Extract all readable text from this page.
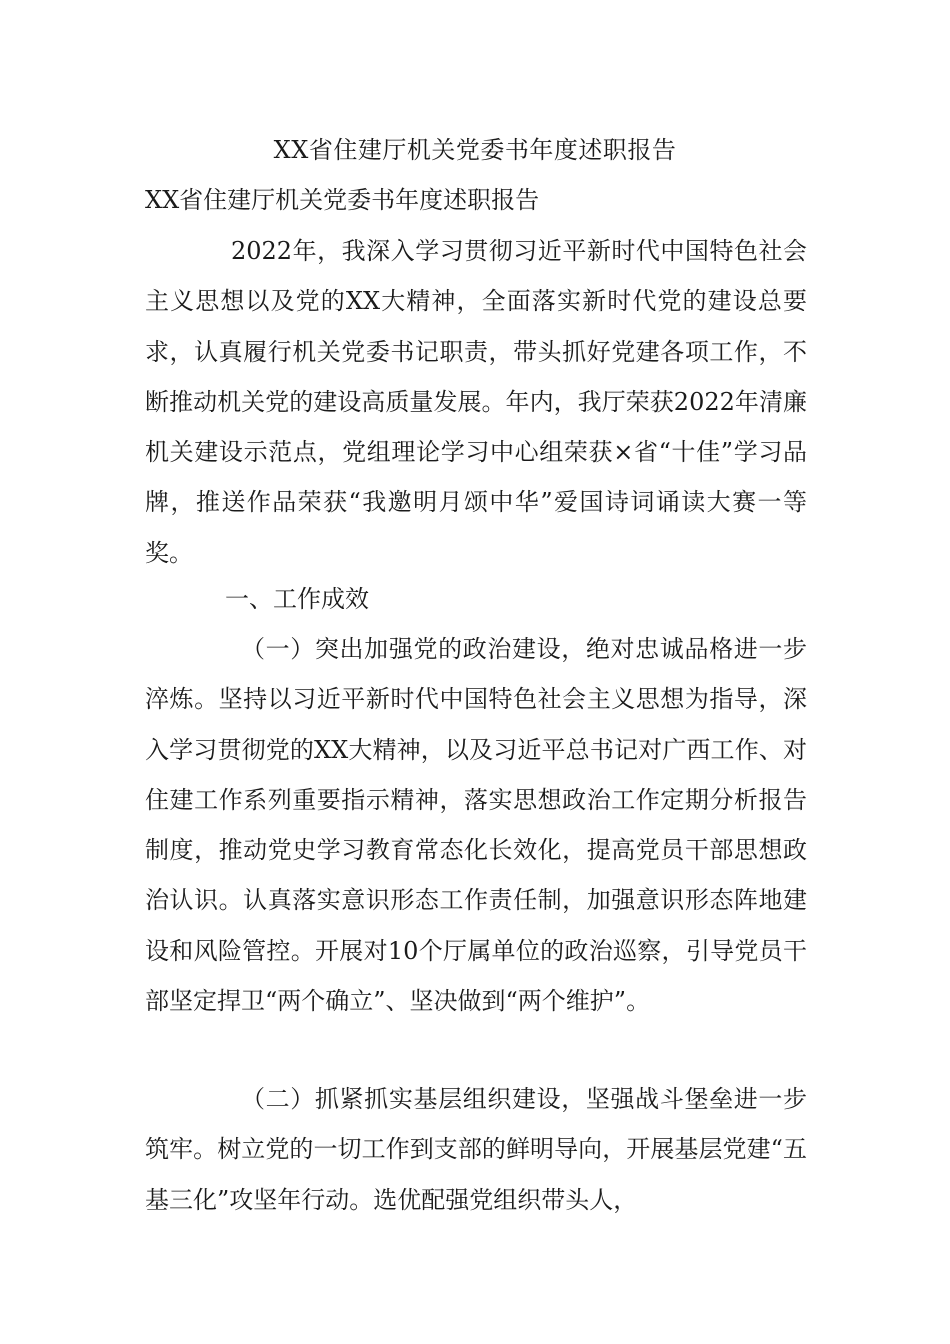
XX省住建厅机关党委书年度述职报告
XX省住建厅机关党委书年度述职报告

2022年，我深入学习贯彻习近平新时代中国特色社会主义思想以及党的XX大精神，全面落实新时代党的建设总要求，认真履行机关党委书记职责，带头抓好党建各项工作，不断推动机关党的建设高质量发展。年内，我厅荣获2022年清廉机关建设示范点，党组理论学习中心组荣获×省“十佳”学习品牌，推送作品荣获“我邀明月颂中华”爱国诗词诵读大赛一等奖。

一、工作成效

（一）突出加强党的政治建设，绝对忠诚品格进一步淬炼。坚持以习近平新时代中国特色社会主义思想为指导，深入学习贯彻党的XX大精神，以及习近平总书记对广西工作、对住建工作系列重要指示精神，落实思想政治工作定期分析报告制度，推动党史学习教育常态化长效化，提高党员干部思想政治认识。认真落实意识形态工作责任制，加强意识形态阵地建设和风险管控。开展对10个厅属单位的政治巡察，引导党员干部坚定捍卫“两个确立”、坚决做到“两个维护”。

（二）抓紧抓实基层组织建设，坚强战斗堡垒进一步筑牢。树立党的一切工作到支部的鲜明导向，开展基层党建“五基三化”攻坚年行动。选优配强党组织带头人，
